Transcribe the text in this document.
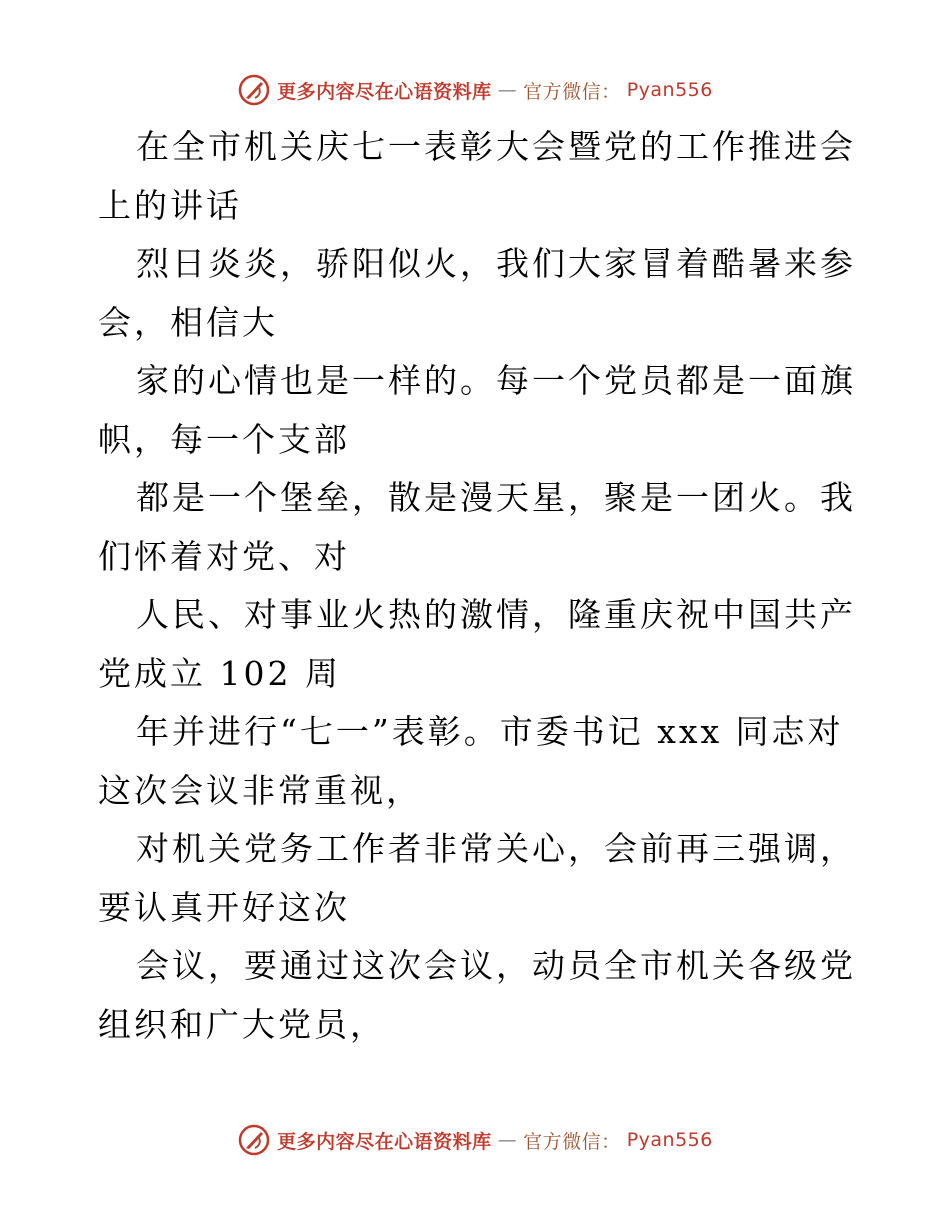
更多内容尽在心语资料库 — 官方微信： Pyan556

在全市机关庆七一表彰大会暨党的工作推进会上的讲话

烈日炎炎，骄阳似火，我们大家冒着酷暑来参会，相信大

家的心情也是一样的。每一个党员都是一面旗帜，每一个支部

都是一个堡垒，散是漫天星，聚是一团火。我们怀着对党、对

人民、对事业火热的激情，隆重庆祝中国共产党成立 102 周

年并进行“七一”表彰。市委书记 xxx 同志对这次会议非常重视，

对机关党务工作者非常关心，会前再三强调，要认真开好这次

会议，要通过这次会议，动员全市机关各级党组织和广大党员，

更多内容尽在心语资料库 — 官方微信： Pyan556
